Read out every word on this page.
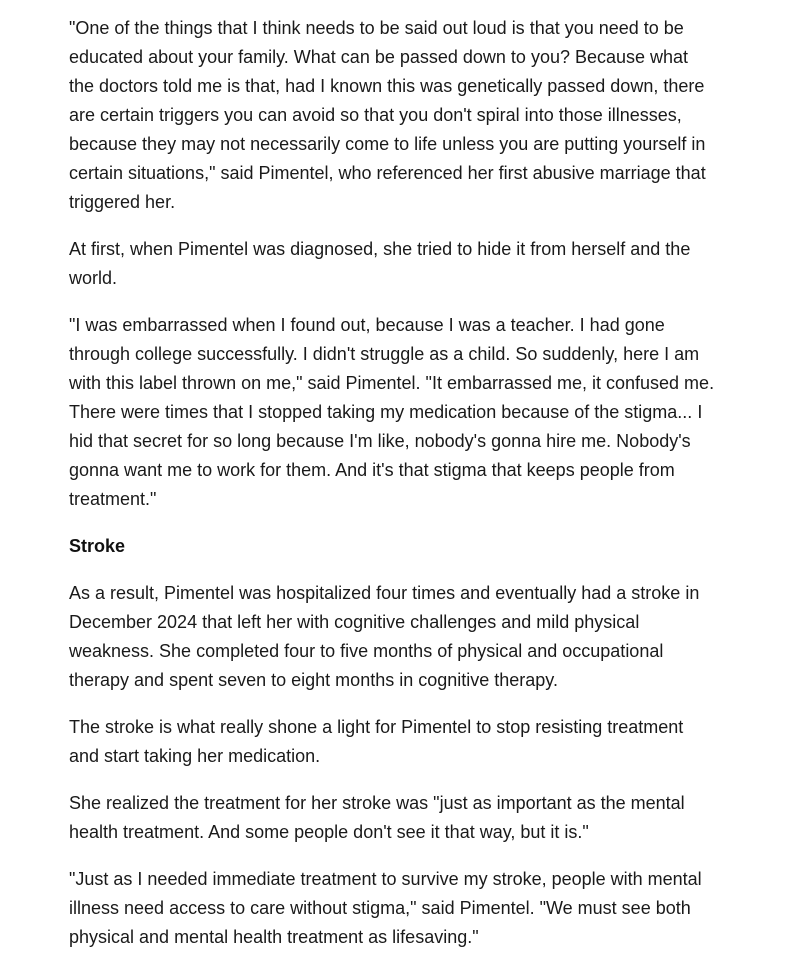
"One of the things that I think needs to be said out loud is that you need to be educated about your family. What can be passed down to you? Because what the doctors told me is that, had I known this was genetically passed down, there are certain triggers you can avoid so that you don't spiral into those illnesses, because they may not necessarily come to life unless you are putting yourself in certain situations," said Pimentel, who referenced her first abusive marriage that triggered her.

At first, when Pimentel was diagnosed, she tried to hide it from herself and the world.

"I was embarrassed when I found out, because I was a teacher. I had gone through college successfully. I didn't struggle as a child. So suddenly, here I am with this label thrown on me," said Pimentel. "It embarrassed me, it confused me. There were times that I stopped taking my medication because of the stigma... I hid that secret for so long because I'm like, nobody's gonna hire me. Nobody's gonna want me to work for them. And it's that stigma that keeps people from treatment."

Stroke

As a result, Pimentel was hospitalized four times and eventually had a stroke in December 2024 that left her with cognitive challenges and mild physical weakness. She completed four to five months of physical and occupational therapy and spent seven to eight months in cognitive therapy.

The stroke is what really shone a light for Pimentel to stop resisting treatment and start taking her medication.

She realized the treatment for her stroke was "just as important as the mental health treatment. And some people don't see it that way, but it is."

"Just as I needed immediate treatment to survive my stroke, people with mental illness need access to care without stigma," said Pimentel. "We must see both physical and mental health treatment as lifesaving."
